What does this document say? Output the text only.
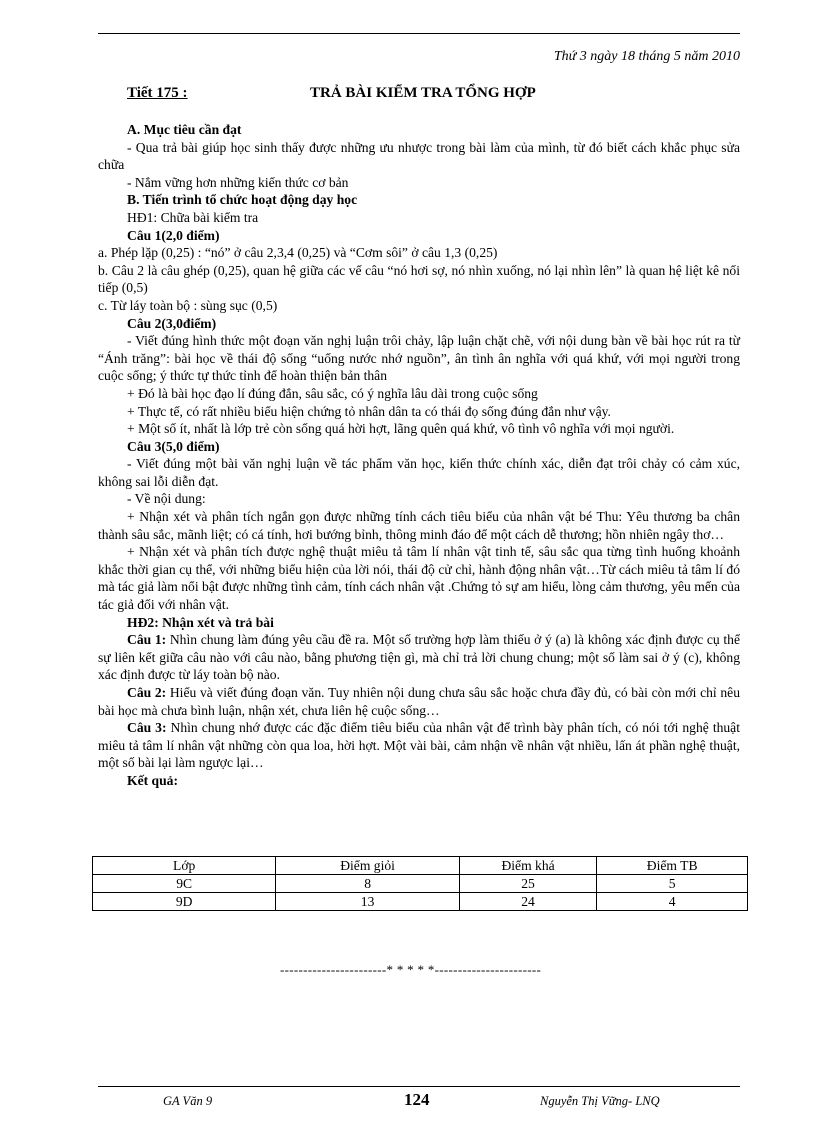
Thứ 3 ngày 18 tháng 5 năm 2010
Tiết 175 :	TRẢ BÀI KIỂM TRA TỔNG HỢP

A. Mục tiêu cần đạt

- Qua trả bài giúp học sinh thấy được những ưu nhược trong bài làm của mình, từ đó biết cách khắc phục sửa chữa

- Nắm vững hơn những kiến thức cơ bản

B. Tiến trình tổ chức hoạt động dạy học

HĐ1: Chữa bài kiểm tra

Câu 1(2,0 điểm)

a. Phép lặp (0,25) : “nó” ở câu 2,3,4 (0,25) và “Cơm sôi” ở câu 1,3 (0,25)

b. Câu 2 là câu ghép (0,25), quan hệ giữa các vế câu “nó hơi sợ, nó nhìn xuống, nó lại nhìn lên” là quan hệ liệt kê nối tiếp (0,5)

c. Từ láy toàn bộ : sùng sục (0,5)

Câu 2(3,0điểm)

- Viết đúng hình thức một đoạn văn nghị luận trôi chảy, lập luận chặt chẽ, với nội dung bàn về bài học rút ra từ “Ánh trăng”: bài học về thái độ sống “uống nước nhớ nguồn”, ân tình ân nghĩa với quá khứ, với mọi người trong cuộc sống; ý thức tự thức tỉnh để hoàn thiện bản thân

+ Đó là bài học đạo lí đúng đắn, sâu sắc, có ý nghĩa lâu dài trong cuộc sống

+ Thực tế, có rất nhiều biểu hiện chứng tỏ nhân dân ta có thái đọ sống đúng đắn như vậy.

+ Một số ít, nhất là lớp trẻ còn sống quá hời hợt, lãng quên quá khứ, vô tình vô nghĩa với mọi người.

Câu 3(5,0 điểm)

- Viết đúng một bài văn nghị luận về tác phẩm văn học, kiến thức chính xác, diễn đạt trôi chảy có cảm xúc, không sai lỗi diễn đạt.

- Về nội dung:

+ Nhận xét và phân tích ngắn gọn được những tính cách tiêu biểu của nhân vật bé Thu: Yêu thương ba chân thành sâu sắc, mãnh liệt; có cá tính, hơi bướng bỉnh, thông minh đáo để một cách dễ thương; hồn nhiên ngây thơ…

+ Nhận xét và phân tích được nghệ thuật miêu tả tâm lí nhân vật tinh tế, sâu sắc qua từng tình huống khoảnh khắc thời gian cụ thể, với những biểu hiện của lời nói, thái độ cử chỉ, hành động nhân vật…Từ cách miêu tả tâm lí đó mà tác giả làm nổi bật được những tình cảm, tính cách nhân vật .Chứng tỏ sự am hiểu, lòng cảm thương, yêu mến của tác giả đối với nhân vật.

HĐ2: Nhận xét và trả bài

Câu 1: Nhìn chung làm đúng yêu cầu đề ra. Một số trường hợp làm thiếu ở ý (a) là không xác định được cụ thể sự liên kết giữa câu nào với câu nào, bằng phương tiện gì, mà chỉ trả lời chung chung; một số làm sai ở ý (c), không xác định được từ láy toàn bộ nào.

Câu 2: Hiểu và viết đúng đoạn văn. Tuy nhiên nội dung chưa sâu sắc hoặc chưa đầy đủ, có bài còn mới chỉ nêu bài học mà chưa bình luận, nhận xét, chưa liên hệ cuộc sống…

Câu 3: Nhìn chung nhớ được các đặc điểm tiêu biểu của nhân vật để trình bày phân tích, có nói tới nghệ thuật miêu tả tâm lí nhân vật những còn qua loa, hời hợt. Một vài bài, cảm nhận về nhân vật nhiều, lấn át phần nghệ thuật, một số bài lại làm ngược lại…

Kết quả:

Lớp	Điểm giỏi	Điểm khá	Điểm TB
9C	8	25	5
9D	13	24	4
-----------------------* * * * *-----------------------
GA Văn 9	124	Nguyễn Thị Vững- LNQ
